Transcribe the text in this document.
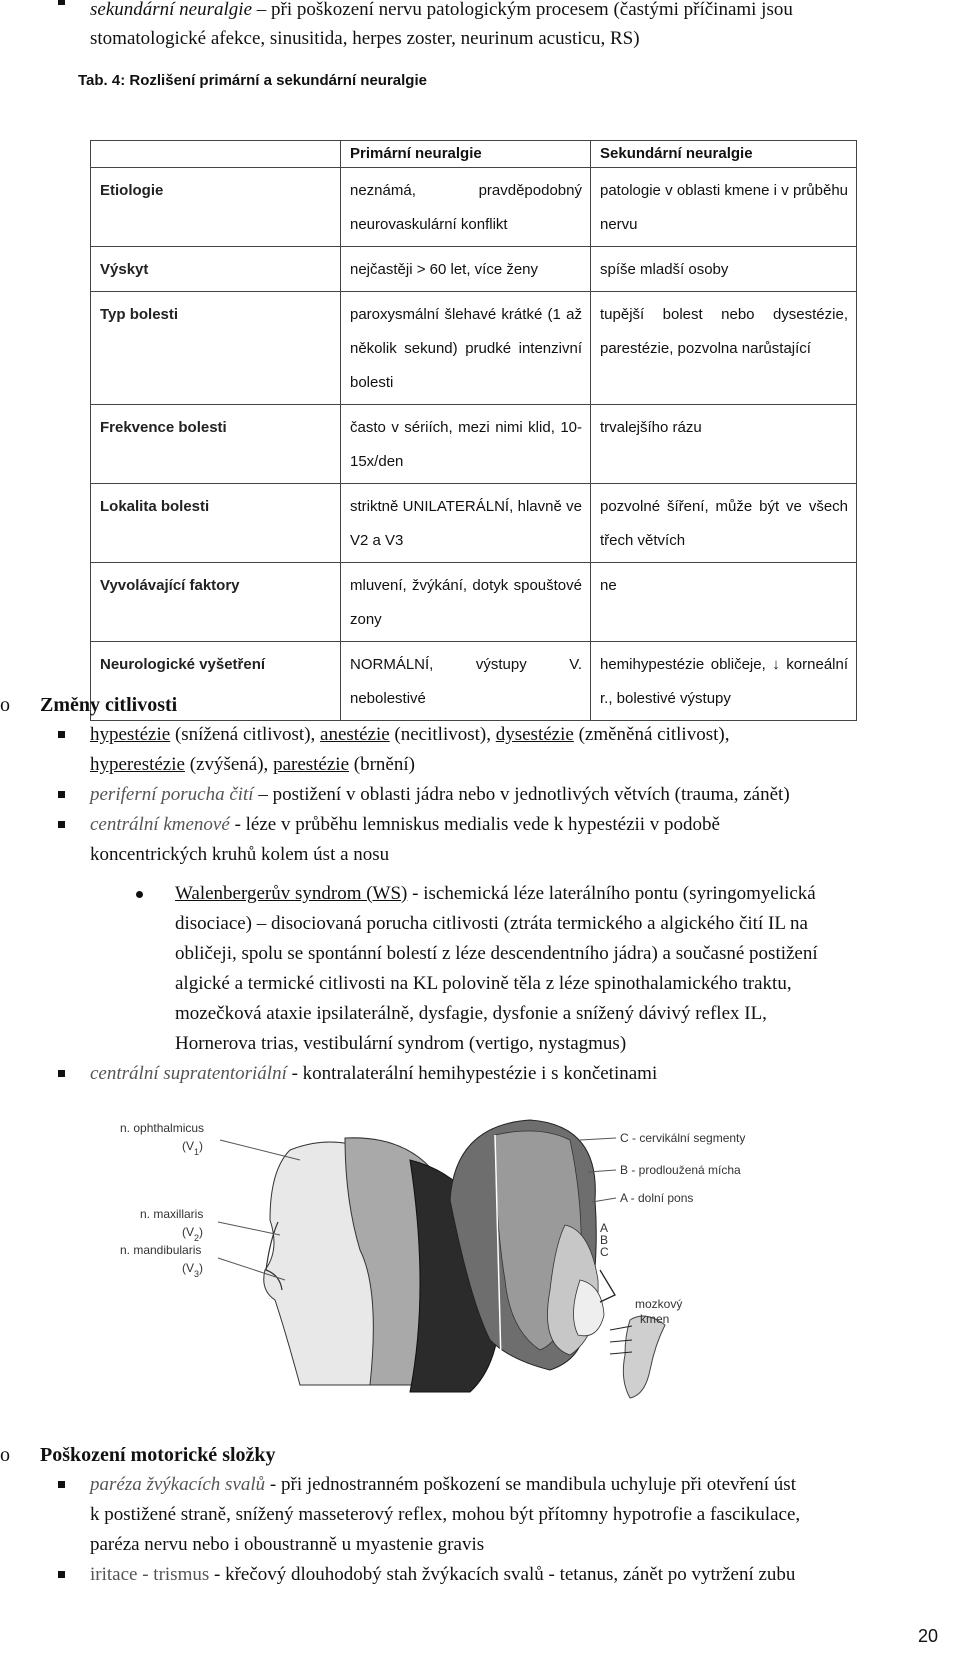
sekundární neuralgie – při poškození nervu patologickým procesem (častými příčinami jsou
stomatologické afekce, sinusitida, herpes zoster, neurinum acusticu, RS)
Tab. 4: Rozlišení primární a sekundární neuralgie
	Primární neuralgie	Sekundární neuralgie
Etiologie	neznámá, pravděpodobný neurovaskulární konflikt	patologie v oblasti kmene i v průběhu nervu
Výskyt	nejčastěji > 60 let, více ženy	spíše mladší osoby
Typ bolesti	paroxysmální šlehavé krátké (1 až několik sekund) prudké intenzivní bolesti	tupější bolest nebo dysestézie, parestézie, pozvolna narůstající
Frekvence bolesti	často v sériích, mezi nimi klid, 10-15x/den	trvalejšího rázu
Lokalita bolesti	striktně UNILATERÁLNÍ, hlavně ve V2 a V3	pozvolné šíření, může být ve všech třech větvích
Vyvolávající faktory	mluvení, žvýkání, dotyk spouštové zony	ne
Neurologické vyšetření	NORMÁLNÍ, výstupy V. nebolestivé	hemihypestézie obličeje, ↓ korneální r., bolestivé výstupy
o Změny citlivosti
hypestézie (snížená citlivost), anestézie (necitlivost), dysestézie (změněná citlivost),
hyperestézie (zvýšená), parestézie (brnění)
periferní porucha čití – postižení v oblasti jádra nebo v jednotlivých větvích (trauma, zánět)
centrální kmenové - léze v průběhu lemniskus medialis vede k hypestézii v podobě
koncentrických kruhů kolem úst a nosu
Walenbergerův syndrom (WS) - ischemická léze laterálního pontu (syringomyelická
disociace) – disociovaná porucha citlivosti (ztráta termického a algického čití IL na
obličeji, spolu se spontánní bolestí z léze descendentního jádra) a současné postižení
algické a termické citlivosti na KL polovině těla z léze spinothalamického traktu,
mozečková ataxie ipsilaterálně, dysfagie, dysfonie a snížený dávivý reflex IL,
Hornerova trias, vestibulární syndrom (vertigo, nystagmus)
centrální supratentoriální - kontralaterální hemihypestézie i s končetinami
n. ophthalmicus
$(V_1)$
n. maxillaris
$(V_2)$
n. mandibularis
$(V_3)$
C - cervikální segmenty
B - prodloužená mícha
A - dolní pons
A
B
C
mozkový
kmen
o Poškození motorické složky
paréza žvýkacích svalů - při jednostranném poškození se mandibula uchyluje při otevření úst
k postižené straně, snížený masseterový reflex, mohou být přítomny hypotrofie a fascikulace,
paréza nervu nebo i oboustranně u myastenie gravis
iritace - trismus - křečový dlouhodobý stah žvýkacích svalů - tetanus, zánět po vytržení zubu
20
